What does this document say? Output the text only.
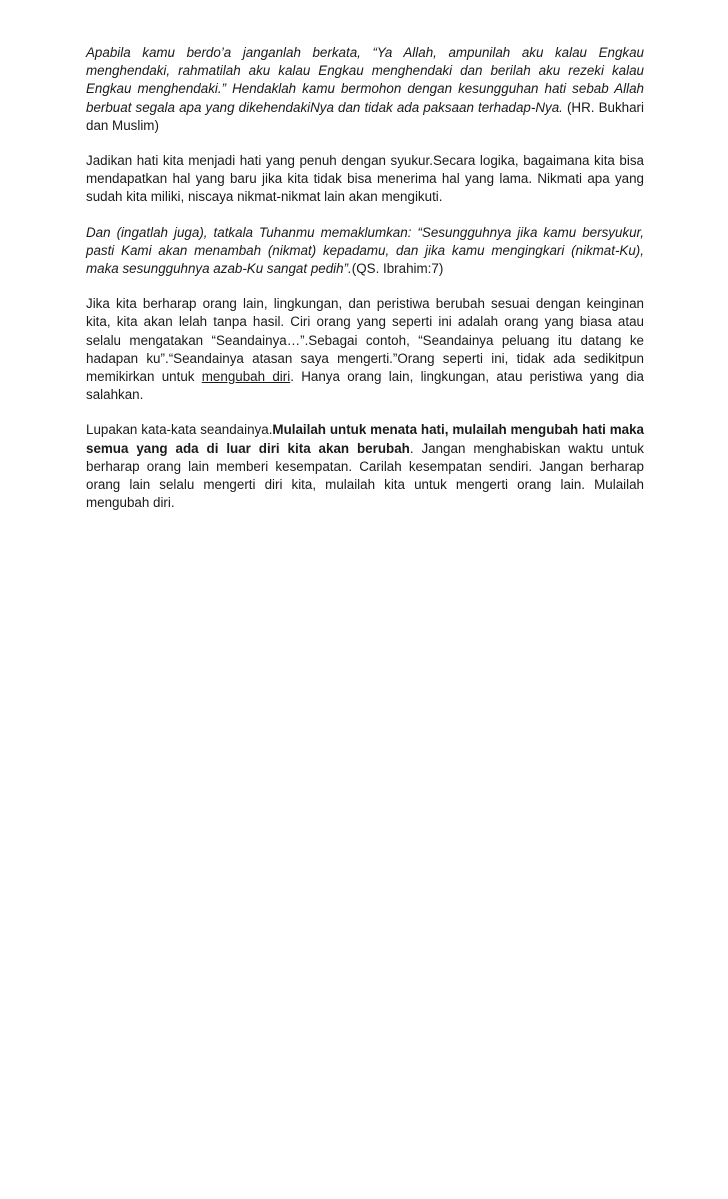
Apabila kamu berdo’a janganlah berkata, “Ya Allah, ampunilah aku kalau Engkau menghendaki, rahmatilah aku kalau Engkau menghendaki dan berilah aku rezeki kalau Engkau menghendaki.” Hendaklah kamu bermohon dengan kesungguhan hati sebab Allah berbuat segala apa yang dikehendakiNya dan tidak ada paksaan terhadap-Nya. (HR. Bukhari dan Muslim)

Jadikan hati kita menjadi hati yang penuh dengan syukur.Secara logika, bagaimana kita bisa mendapatkan hal yang baru jika kita tidak bisa menerima hal yang lama. Nikmati apa yang sudah kita miliki, niscaya nikmat-nikmat lain akan mengikuti.

Dan (ingatlah juga), tatkala Tuhanmu memaklumkan: “Sesungguhnya jika kamu bersyukur, pasti Kami akan menambah (nikmat) kepadamu, dan jika kamu mengingkari (nikmat-Ku), maka sesungguhnya azab-Ku sangat pedih”.(QS. Ibrahim:7)

Jika kita berharap orang lain, lingkungan, dan peristiwa berubah sesuai dengan keinginan kita, kita akan lelah tanpa hasil. Ciri orang yang seperti ini adalah orang yang biasa atau selalu mengatakan “Seandainya…”.Sebagai contoh, “Seandainya peluang itu datang ke hadapan ku”.“Seandainya atasan saya mengerti.”Orang seperti ini, tidak ada sedikitpun memikirkan untuk mengubah diri. Hanya orang lain, lingkungan, atau peristiwa yang dia salahkan.

Lupakan kata-kata seandainya.Mulailah untuk menata hati, mulailah mengubah hati maka semua yang ada di luar diri kita akan berubah. Jangan menghabiskan waktu untuk berharap orang lain memberi kesempatan. Carilah kesempatan sendiri. Jangan berharap orang lain selalu mengerti diri kita, mulailah kita untuk mengerti orang lain. Mulailah mengubah diri.
